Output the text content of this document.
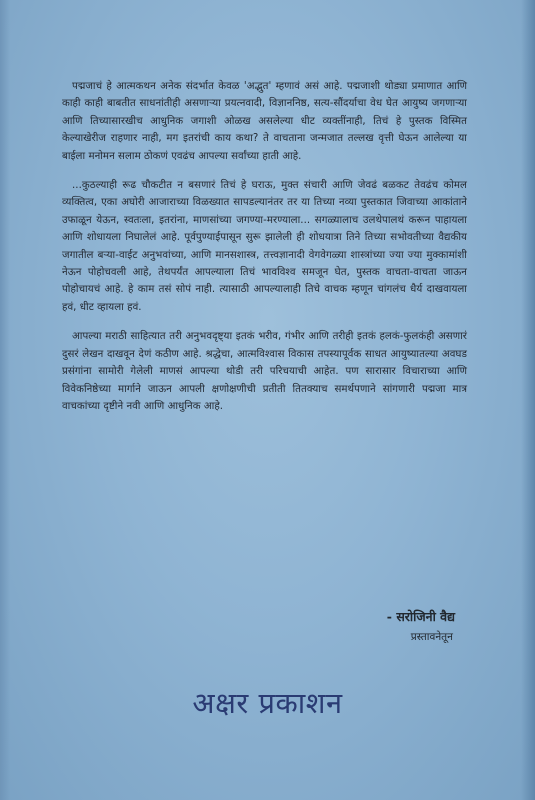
पद्मजाचं हे आत्मकथन अनेक संदर्भात केवळ 'अद्भुत' म्हणावं असं आहे. पद्मजाशी थोड्या प्रमाणात आणि काही काही बाबतीत साधनांतीही असणाऱ्या प्रयत्नवादी, विज्ञाननिष्ठ, सत्य-सौंदर्याचा वेध घेत आयुष्य जगणाऱ्या आणि तिच्यासारखीच आधुनिक जगाशी ओळख असलेल्या धीट व्यक्तींनाही, तिचं हे पुस्तक विस्मित केल्याखेरीज राहणार नाही, मग इतरांची काय कथा? ते वाचताना जन्मजात तल्लख वृत्ती घेऊन आलेल्या या बाईला मनोमन सलाम ठोकणं एवढंच आपल्या सर्वांच्या हाती आहे.

...कुठल्याही रूढ चौकटीत न बसणारं तिचं हे घराऊ, मुक्त संचारी आणि जेवढं बळकट तेवढंच कोमल व्यक्तित्व, एका अघोरी आजाराच्या विळख्यात सापडल्यानंतर तर या तिच्या नव्या पुस्तकात जिवाच्या आकांताने उफाळून येऊन, स्वतःला, इतरांना, माणसांच्या जगण्या-मरण्याला... सगळ्यालाच उलथेपालथं करून पाहायला आणि शोधायला निघालेलं आहे. पूर्वपुण्याईपासून सुरू झालेली ही शोधयात्रा तिने तिच्या सभोवतीच्या वैद्यकीय जगातील बऱ्या-वाईट अनुभवांच्या, आणि मानसशास्त्र, तत्त्वज्ञानादी वेगवेगळ्या शास्त्रांच्या ज्या ज्या मुक्कामांशी नेऊन पोहोचवली आहे, तेथपर्यंत आपल्याला तिचं भावविश्व समजून घेत, पुस्तक वाचता-वाचता जाऊन पोहोचायचं आहे. हे काम तसं सोपं नाही. त्यासाठी आपल्यालाही तिचे वाचक म्हणून चांगलंच धैर्य दाखवायला हवं, धीट व्हायला हवं.

आपल्या मराठी साहित्यात तरी अनुभवदृष्ट्या इतकं भरीव, गंभीर आणि तरीही इतकं हलकं-फुलकंही असणारं दुसरं लेखन दाखवून देणं कठीण आहे. श्रद्धेचा, आत्मविश्वास विकास तपस्यापूर्वक साधत आयुष्यातल्या अवघड प्रसंगांना सामोरी गेलेली माणसं आपल्या थोडी तरी परिचयाची आहेत. पण सारासार विचाराच्या आणि विवेकनिष्ठेच्या मार्गाने जाऊन आपली क्षणोक्षणीची प्रतीती तितक्याच समर्थपणाने सांगणारी पद्मजा मात्र वाचकांच्या दृष्टीने नवी आणि आधुनिक आहे.

- सरोजिनी वैद्य
प्रस्तावनेतून
अक्षर प्रकाशन
